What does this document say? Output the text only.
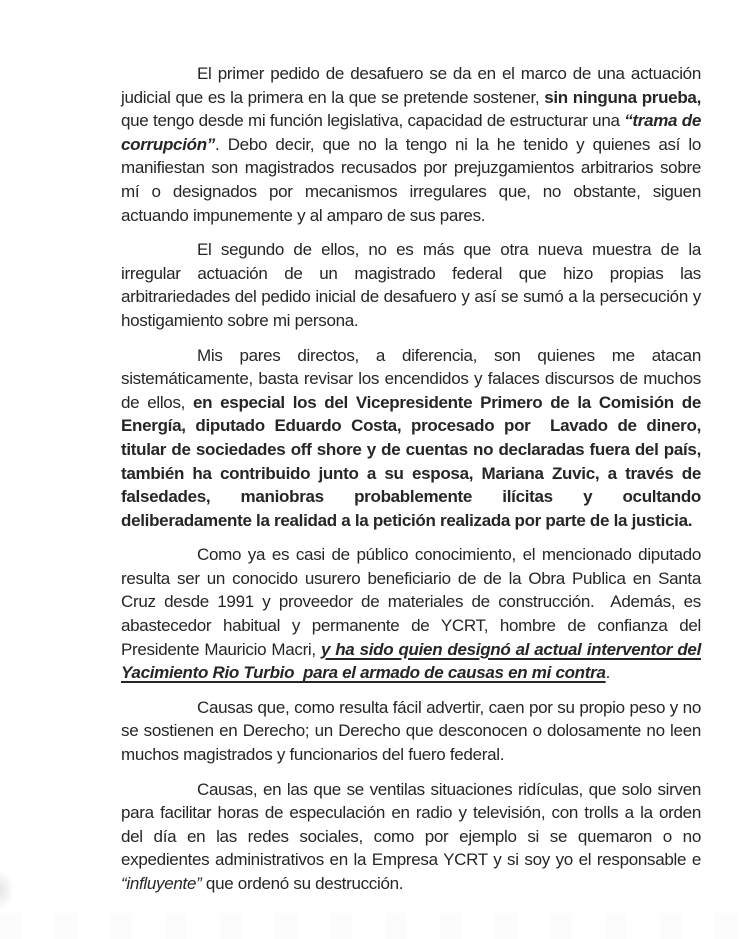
El primer pedido de desafuero se da en el marco de una actuación judicial que es la primera en la que se pretende sostener, sin ninguna prueba, que tengo desde mi función legislativa, capacidad de estructurar una “trama de corrupción”. Debo decir, que no la tengo ni la he tenido y quienes así lo manifiestan son magistrados recusados por prejuzgamientos arbitrarios sobre mí o designados por mecanismos irregulares que, no obstante, siguen actuando impunemente y al amparo de sus pares.

El segundo de ellos, no es más que otra nueva muestra de la irregular actuación de un magistrado federal que hizo propias las arbitrariedades del pedido inicial de desafuero y así se sumó a la persecución y hostigamiento sobre mi persona.

Mis pares directos, a diferencia, son quienes me atacan sistemáticamente, basta revisar los encendidos y falaces discursos de muchos de ellos, en especial los del Vicepresidente Primero de la Comisión de Energía, diputado Eduardo Costa, procesado por  Lavado de dinero, titular de sociedades off shore y de cuentas no declaradas fuera del país, también ha contribuido junto a su esposa, Mariana Zuvic, a través de falsedades, maniobras probablemente ilícitas y ocultando deliberadamente la realidad a la petición realizada por parte de la justicia.

Como ya es casi de público conocimiento, el mencionado diputado resulta ser un conocido usurero beneficiario de de la Obra Publica en Santa Cruz desde 1991 y proveedor de materiales de construcción.  Además, es abastecedor habitual y permanente de YCRT, hombre de confianza del Presidente Mauricio Macri, y ha sido quien designó al actual interventor del Yacimiento Rio Turbio  para el armado de causas en mi contra.

Causas que, como resulta fácil advertir, caen por su propio peso y no se sostienen en Derecho; un Derecho que desconocen o dolosamente no leen muchos magistrados y funcionarios del fuero federal.

Causas, en las que se ventilas situaciones ridículas, que solo sirven para facilitar horas de especulación en radio y televisión, con trolls a la orden del día en las redes sociales, como por ejemplo si se quemaron o no expedientes administrativos en la Empresa YCRT y si soy yo el responsable e “influyente” que ordenó su destrucción.
